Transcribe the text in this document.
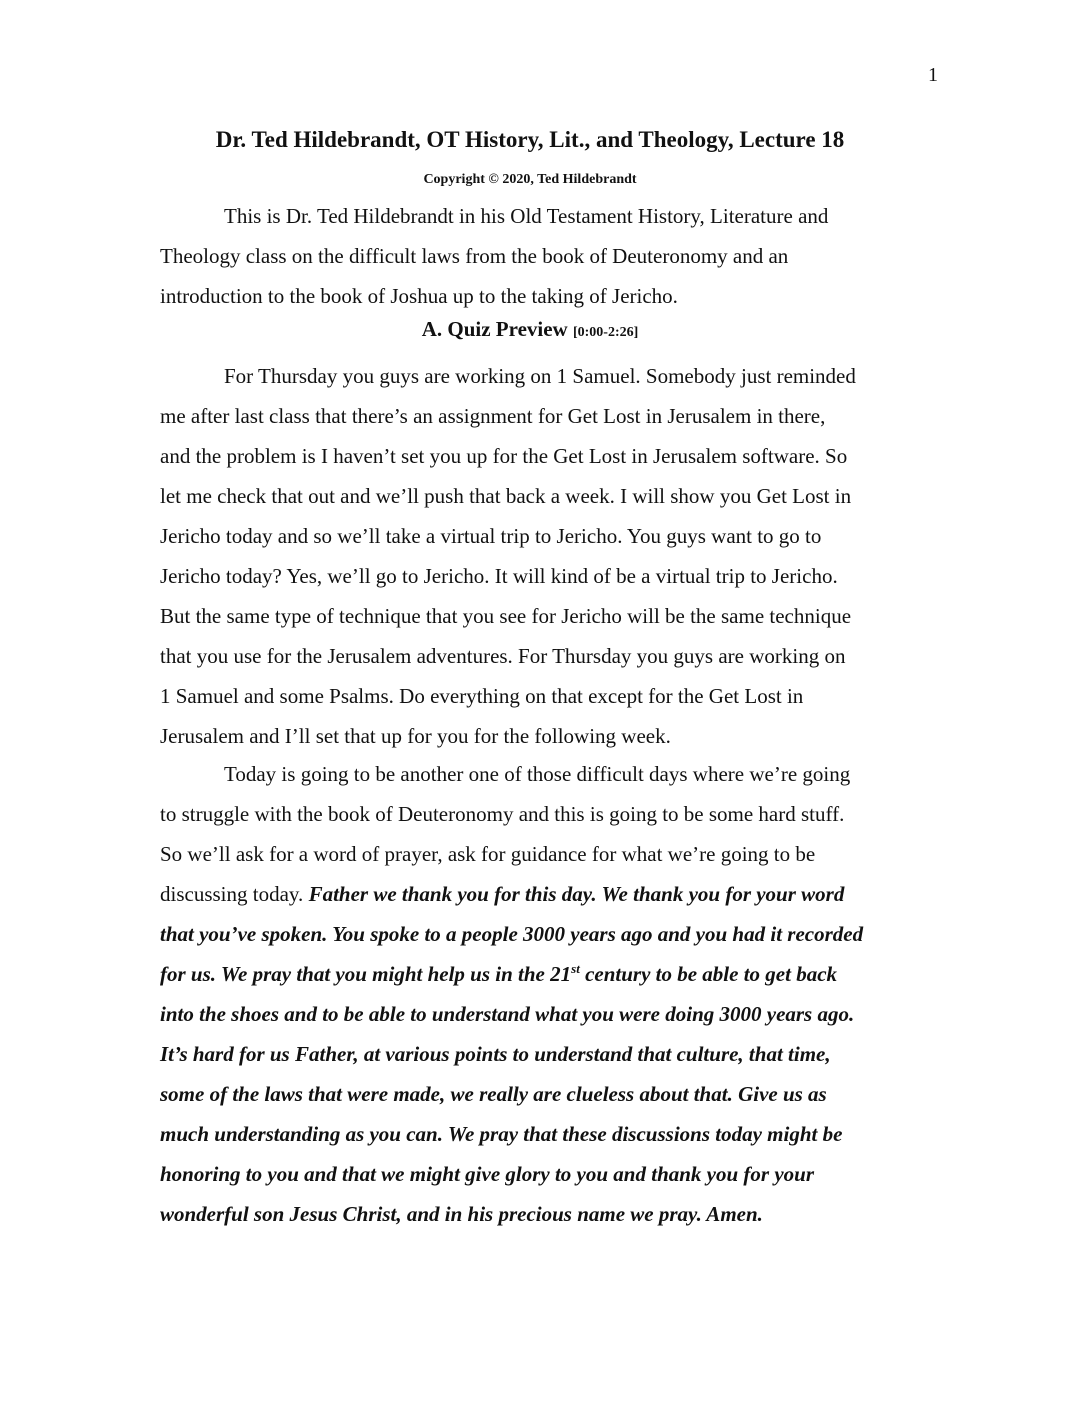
1
Dr. Ted Hildebrandt, OT History, Lit., and Theology, Lecture 18
Copyright © 2020, Ted Hildebrandt
This is Dr. Ted Hildebrandt in his Old Testament History, Literature and
Theology class on the difficult laws from the book of Deuteronomy and an
introduction to the book of Joshua up to the taking of Jericho.
A. Quiz Preview [0:00-2:26]
For Thursday you guys are working on 1 Samuel. Somebody just reminded
me after last class that there’s an assignment for Get Lost in Jerusalem in there,
and the problem is I haven’t set you up for the Get Lost in Jerusalem software. So
let me check that out and we’ll push that back a week. I will show you Get Lost in
Jericho today and so we’ll take a virtual trip to Jericho. You guys want to go to
Jericho today? Yes, we’ll go to Jericho. It will kind of be a virtual trip to Jericho.
But the same type of technique that you see for Jericho will be the same technique
that you use for the Jerusalem adventures. For Thursday you guys are working on
1 Samuel and some Psalms. Do everything on that except for the Get Lost in
Jerusalem and I’ll set that up for you for the following week.
Today is going to be another one of those difficult days where we’re going
to struggle with the book of Deuteronomy and this is going to be some hard stuff.
So we’ll ask for a word of prayer, ask for guidance for what we’re going to be
discussing today. Father we thank you for this day. We thank you for your word
that you’ve spoken. You spoke to a people 3000 years ago and you had it recorded
for us. We pray that you might help us in the 21st century to be able to get back
into the shoes and to be able to understand what you were doing 3000 years ago.
It’s hard for us Father, at various points to understand that culture, that time,
some of the laws that were made, we really are clueless about that. Give us as
much understanding as you can. We pray that these discussions today might be
honoring to you and that we might give glory to you and thank you for your
wonderful son Jesus Christ, and in his precious name we pray. Amen.
